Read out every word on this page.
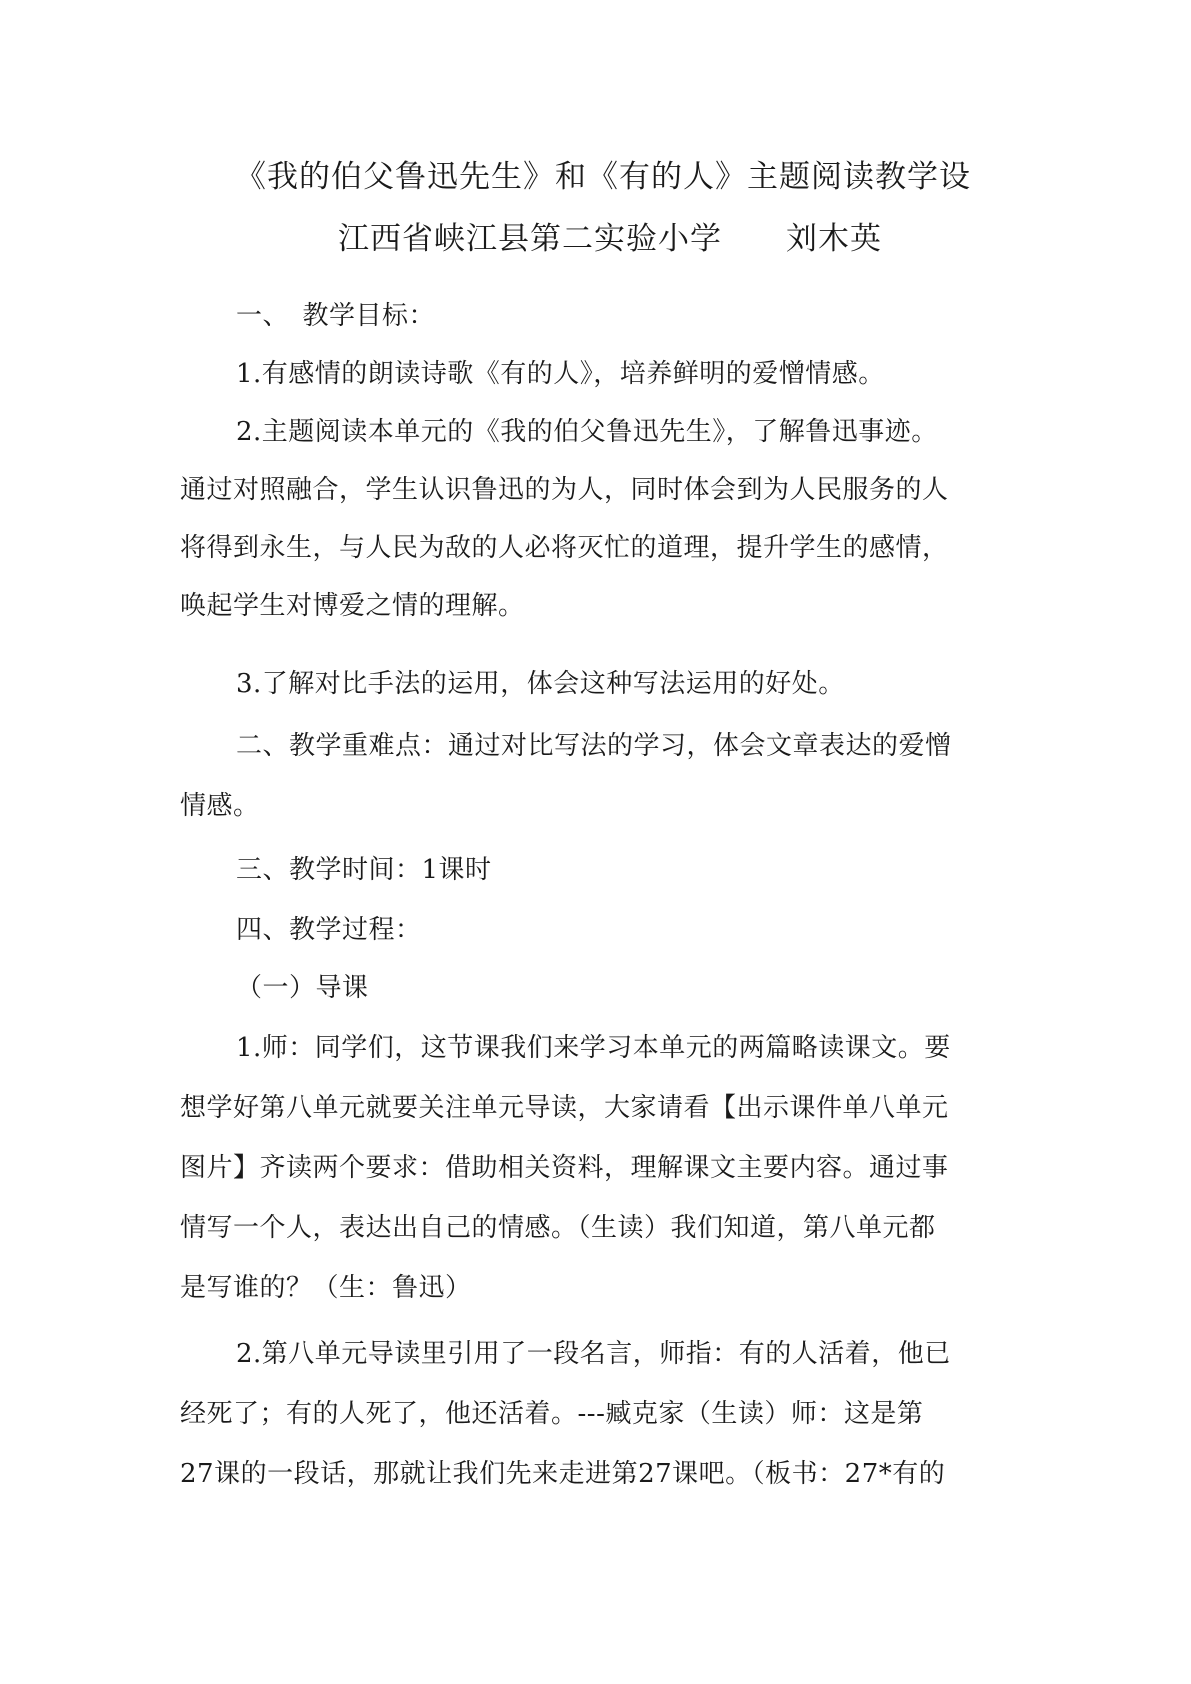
《我的伯父鲁迅先生》和《有的人》主题阅读教学设
江西省峡江县第二实验小学　　刘木英
一、　教学目标：
1.有感情的朗读诗歌《有的人》，培养鲜明的爱憎情感。
2.主题阅读本单元的《我的伯父鲁迅先生》，了解鲁迅事迹。
通过对照融合，学生认识鲁迅的为人，同时体会到为人民服务的人
将得到永生，与人民为敌的人必将灭忙的道理，提升学生的感情，
唤起学生对博爱之情的理解。
3.了解对比手法的运用，体会这种写法运用的好处。
二、教学重难点：通过对比写法的学习，体会文章表达的爱憎
情感。
三、教学时间：1课时
四、教学过程：
（一）导课
1.师：同学们，这节课我们来学习本单元的两篇略读课文。要
想学好第八单元就要关注单元导读，大家请看【出示课件单八单元
图片】齐读两个要求：借助相关资料，理解课文主要内容。通过事
情写一个人，表达出自己的情感。（生读）我们知道，第八单元都
是写谁的？（生：鲁迅）
2.第八单元导读里引用了一段名言，师指：有的人活着，他已
经死了；有的人死了，他还活着。---臧克家（生读）师：这是第
27课的一段话，那就让我们先来走进第27课吧。（板书：27*有的
